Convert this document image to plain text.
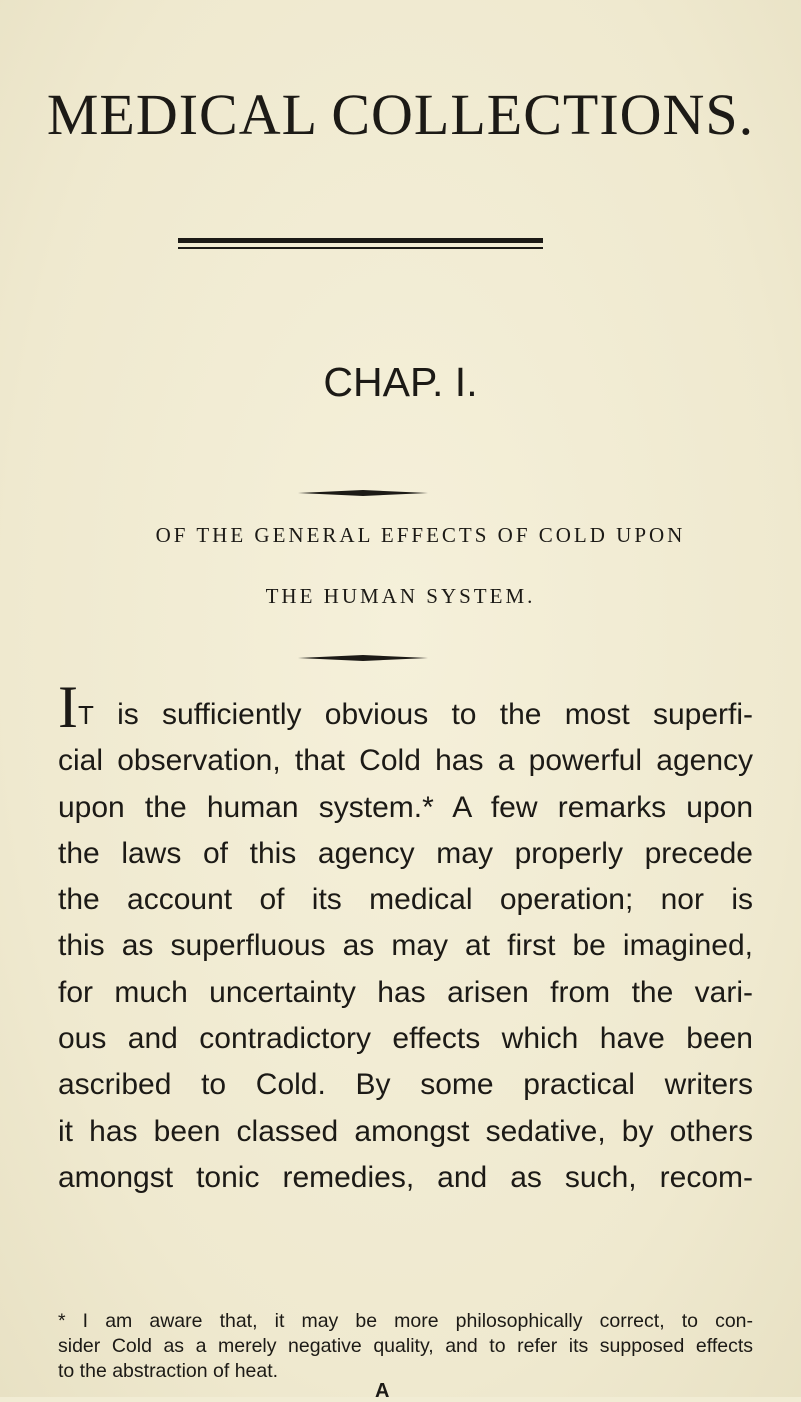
MEDICAL COLLECTIONS.
CHAP. I.
OF THE GENERAL EFFECTS OF COLD UPON
THE HUMAN SYSTEM.
IT is sufficiently obvious to the most superfi-
cial observation, that Cold has a powerful agency
upon the human system.* A few remarks upon
the laws of this agency may properly precede
the account of its medical operation; nor is
this as superfluous as may at first be imagined,
for much uncertainty has arisen from the vari-
ous and contradictory effects which have been
ascribed to Cold. By some practical writers
it has been classed amongst sedative, by others
amongst tonic remedies, and as such, recom-
* I am aware that, it may be more philosophically correct, to con-
sider Cold as a merely negative quality, and to refer its supposed effects
to the abstraction of heat.
A
